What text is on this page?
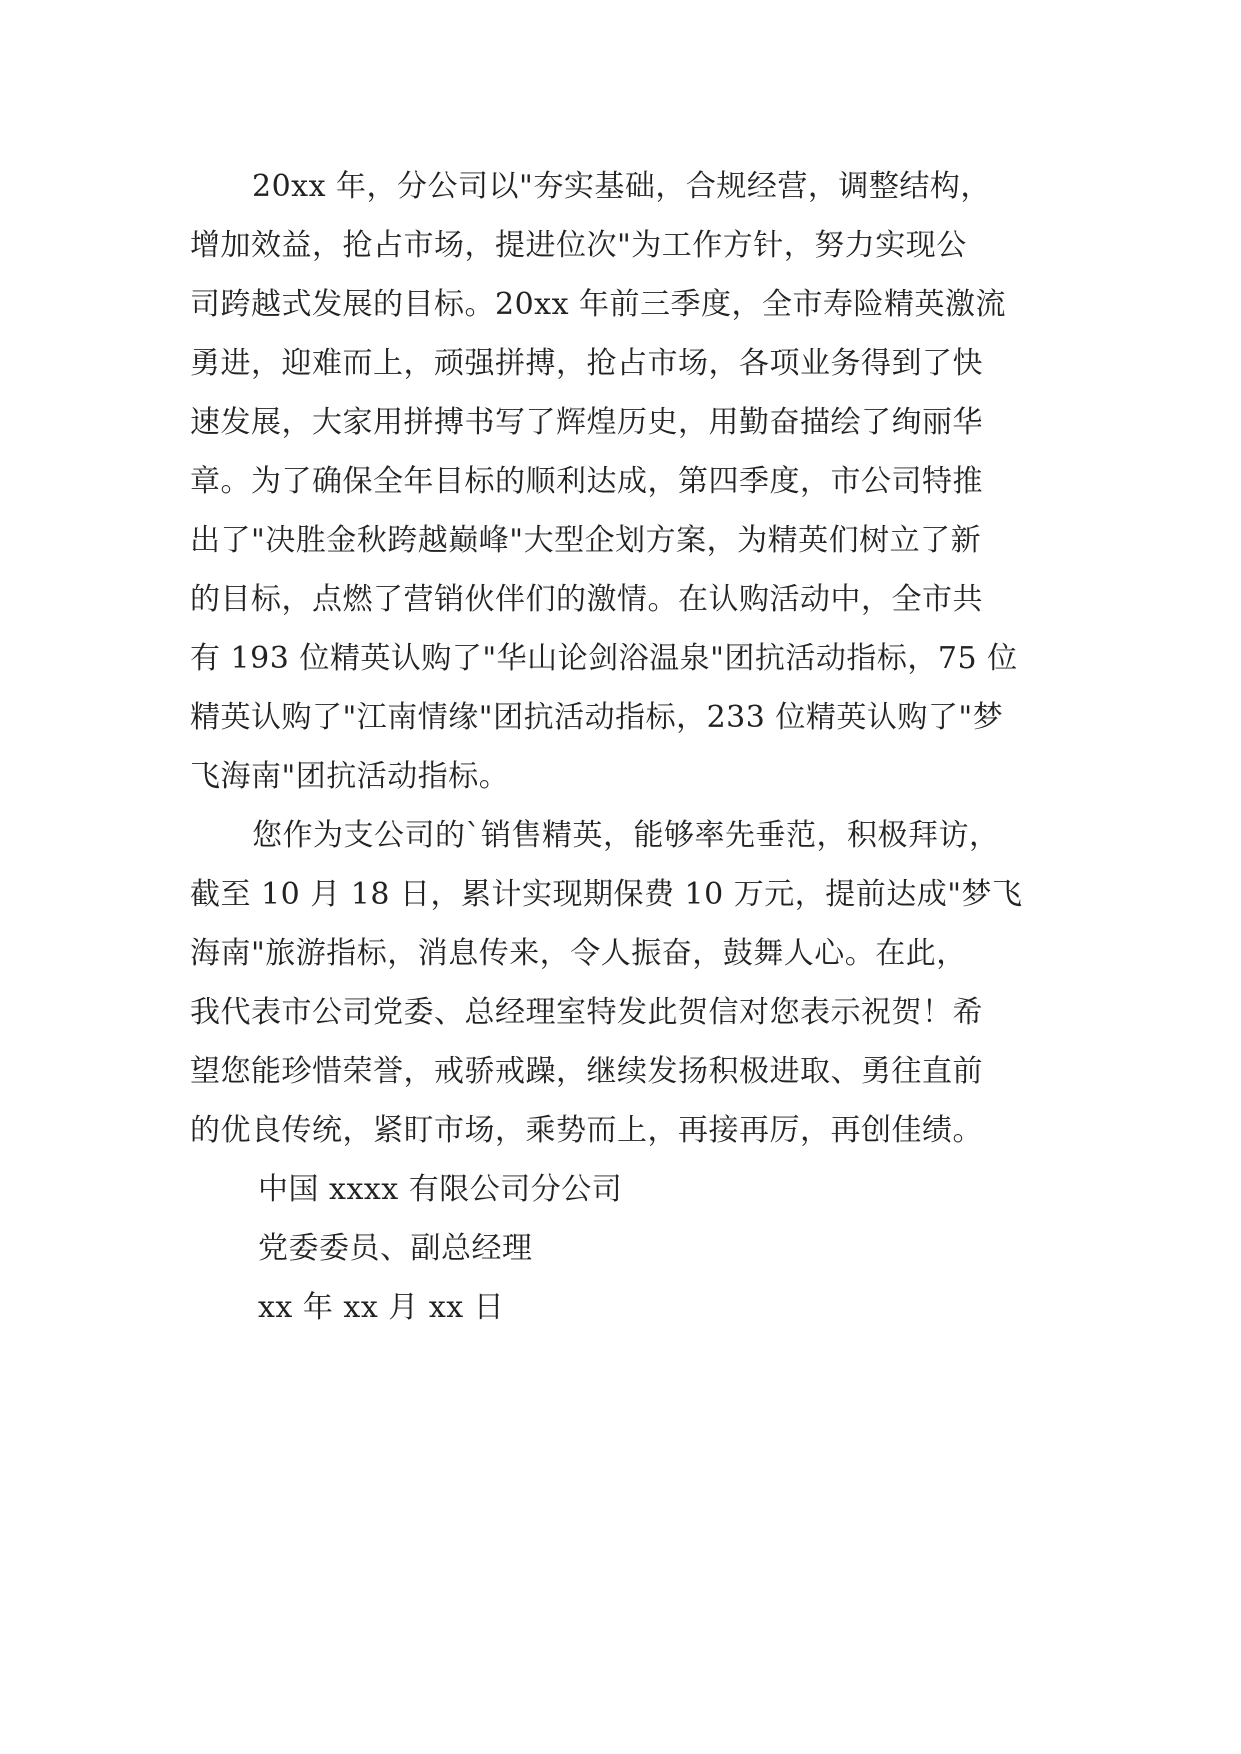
20xx 年，分公司以"夯实基础，合规经营，调整结构，
增加效益，抢占市场，提进位次"为工作方针，努力实现公
司跨越式发展的目标。20xx 年前三季度，全市寿险精英激流
勇进，迎难而上，顽强拼搏，抢占市场，各项业务得到了快
速发展，大家用拼搏书写了辉煌历史，用勤奋描绘了绚丽华
章。为了确保全年目标的顺利达成，第四季度，市公司特推
出了"决胜金秋跨越巅峰"大型企划方案，为精英们树立了新
的目标，点燃了营销伙伴们的激情。在认购活动中，全市共
有 193 位精英认购了"华山论剑浴温泉"团抗活动指标，75 位
精英认购了"江南情缘"团抗活动指标，233 位精英认购了"梦
飞海南"团抗活动指标。
您作为支公司的`销售精英，能够率先垂范，积极拜访，
截至 10 月 18 日，累计实现期保费 10 万元，提前达成"梦飞
海南"旅游指标，消息传来，令人振奋，鼓舞人心。在此，
我代表市公司党委、总经理室特发此贺信对您表示祝贺！希
望您能珍惜荣誉，戒骄戒躁，继续发扬积极进取、勇往直前
的优良传统，紧盯市场，乘势而上，再接再厉，再创佳绩。
中国 xxxx 有限公司分公司
党委委员、副总经理
xx 年 xx 月 xx 日
